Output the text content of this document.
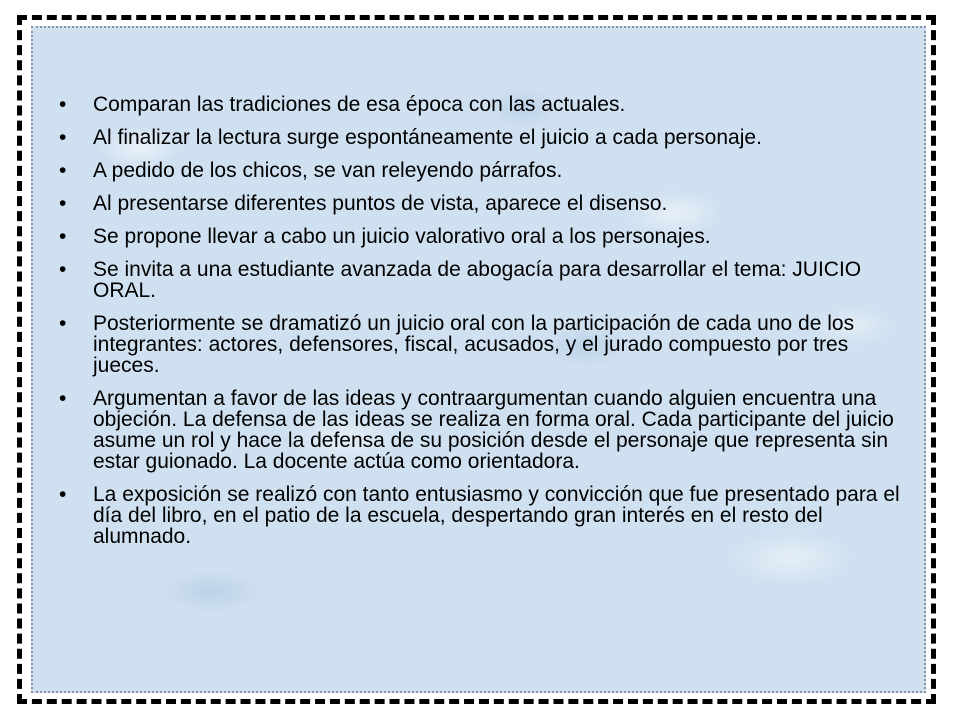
• Comparan las tradiciones de esa época con las actuales.
• Al finalizar la lectura surge espontáneamente el juicio a cada personaje.
• A pedido de los chicos, se van releyendo párrafos.
• Al presentarse diferentes puntos de vista, aparece el disenso.
• Se propone llevar a cabo un juicio valorativo oral a los personajes.
• Se invita a una estudiante avanzada de abogacía para desarrollar el tema: JUICIO ORAL.
• Posteriormente se dramatizó un juicio oral con la participación de cada uno de los integrantes: actores, defensores, fiscal, acusados, y el jurado compuesto por tres jueces.
• Argumentan a favor de las ideas y contraargumentan cuando alguien encuentra una objeción. La defensa de las ideas se realiza en forma oral. Cada participante del juicio asume un rol y hace la defensa de su posición desde el personaje que representa sin estar guionado. La docente actúa como orientadora.
• La exposición se realizó con tanto entusiasmo y convicción que fue presentado para el día del libro, en el patio de la escuela, despertando gran interés en el resto del alumnado.
